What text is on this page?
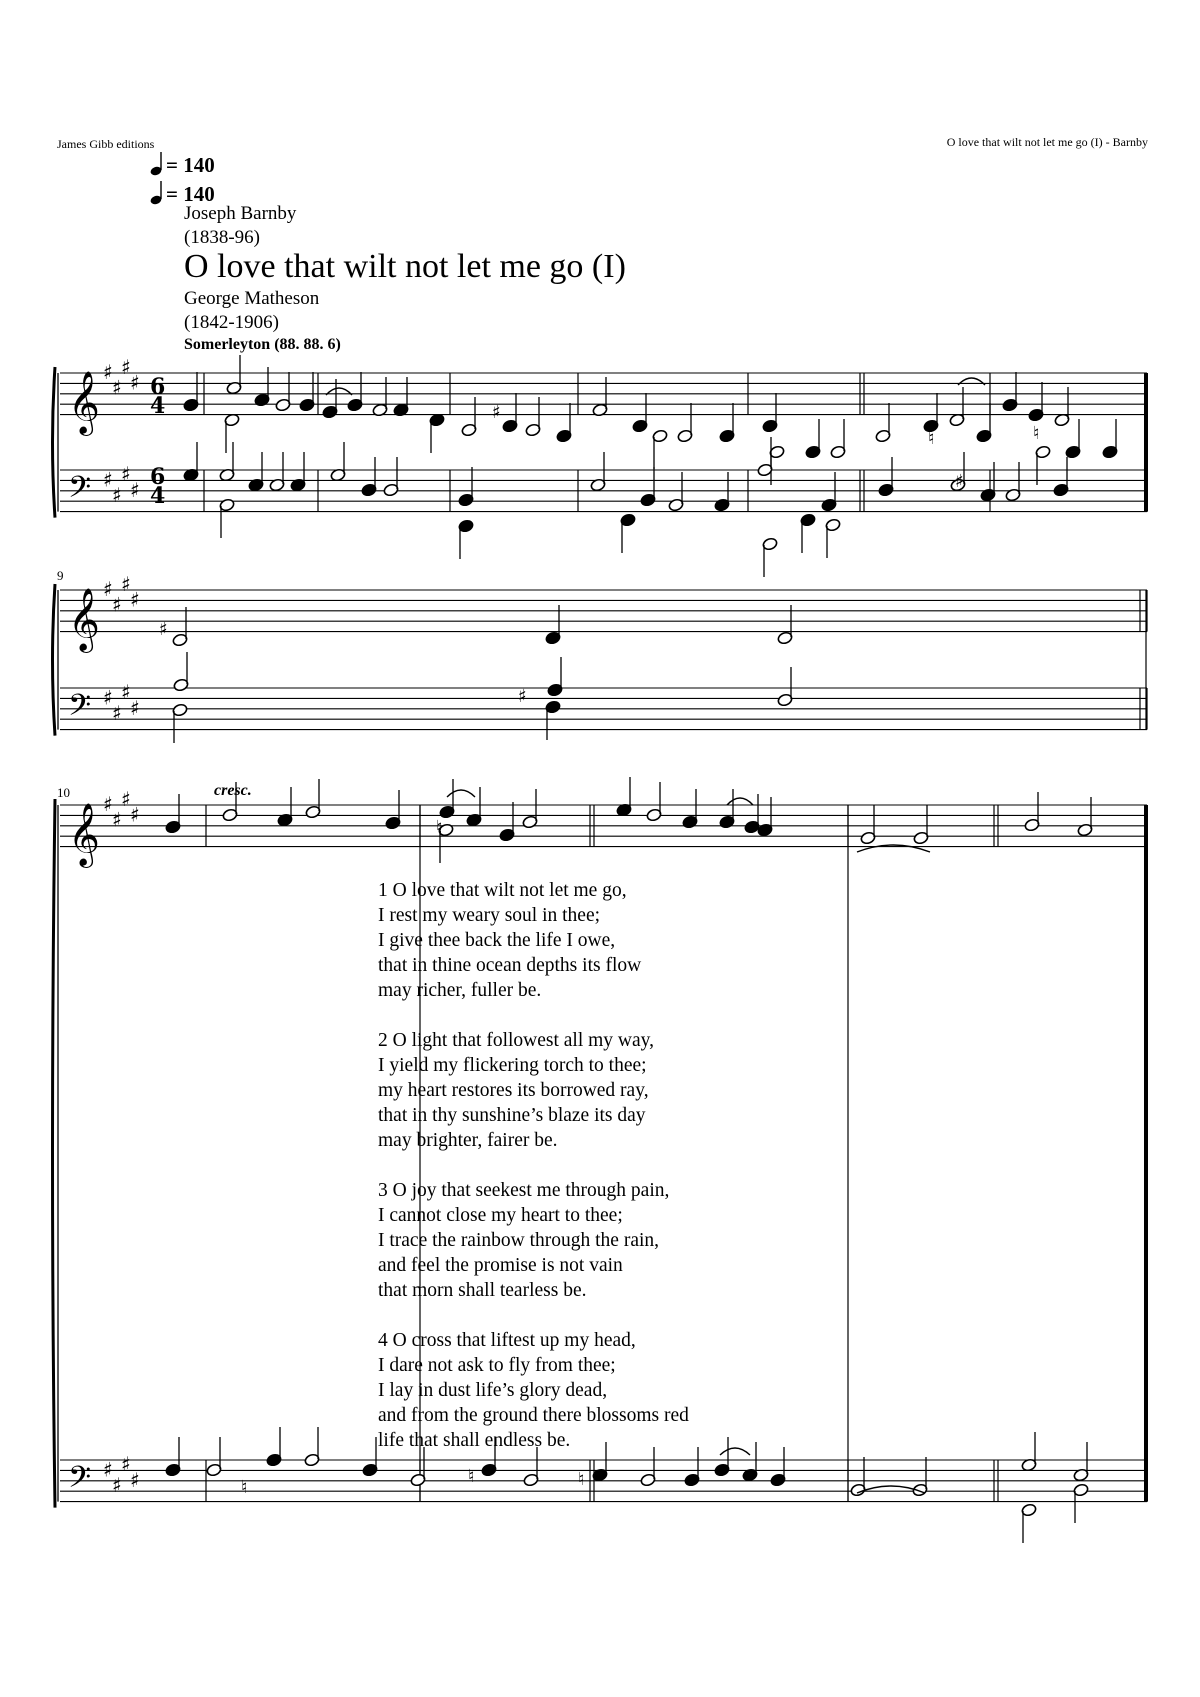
James Gibb editions	O love that wilt not let me go (I) - Barnby
= 140
= 140
Joseph Barnby
(1838-96)
O love that wilt not let me go (I)
George Matheson
(1842-1906)
Somerleyton (88. 88. 6)
9
10	cresc.
6
4
6
4
𝄞
𝄢
𝄞
𝄢
𝄞
𝄢
♯
♯
♯
♯
♯
♯
♯
♯
♯
♯
♯
♯
♯
♯
♯
♯
♯
♯
♯
♯
♯
♯
♯
♯
♯
♯
♯
♮
♮
♮
♮	♮
♯
♮
1 O love that wilt not let me go,
I rest my weary soul in thee;
I give thee back the life I owe,
that in thine ocean depths its flow
may richer, fuller be.
2 O light that followest all my way,
I yield my flickering torch to thee;
my heart restores its borrowed ray,
that in thy sunshine’s blaze its day
may brighter, fairer be.
3 O joy that seekest me through pain,
I cannot close my heart to thee;
I trace the rainbow through the rain,
and feel the promise is not vain
that morn shall tearless be.
4 O cross that liftest up my head,
I dare not ask to fly from thee;
I lay in dust life’s glory dead,
and from the ground there blossoms red
life that shall endless be.
